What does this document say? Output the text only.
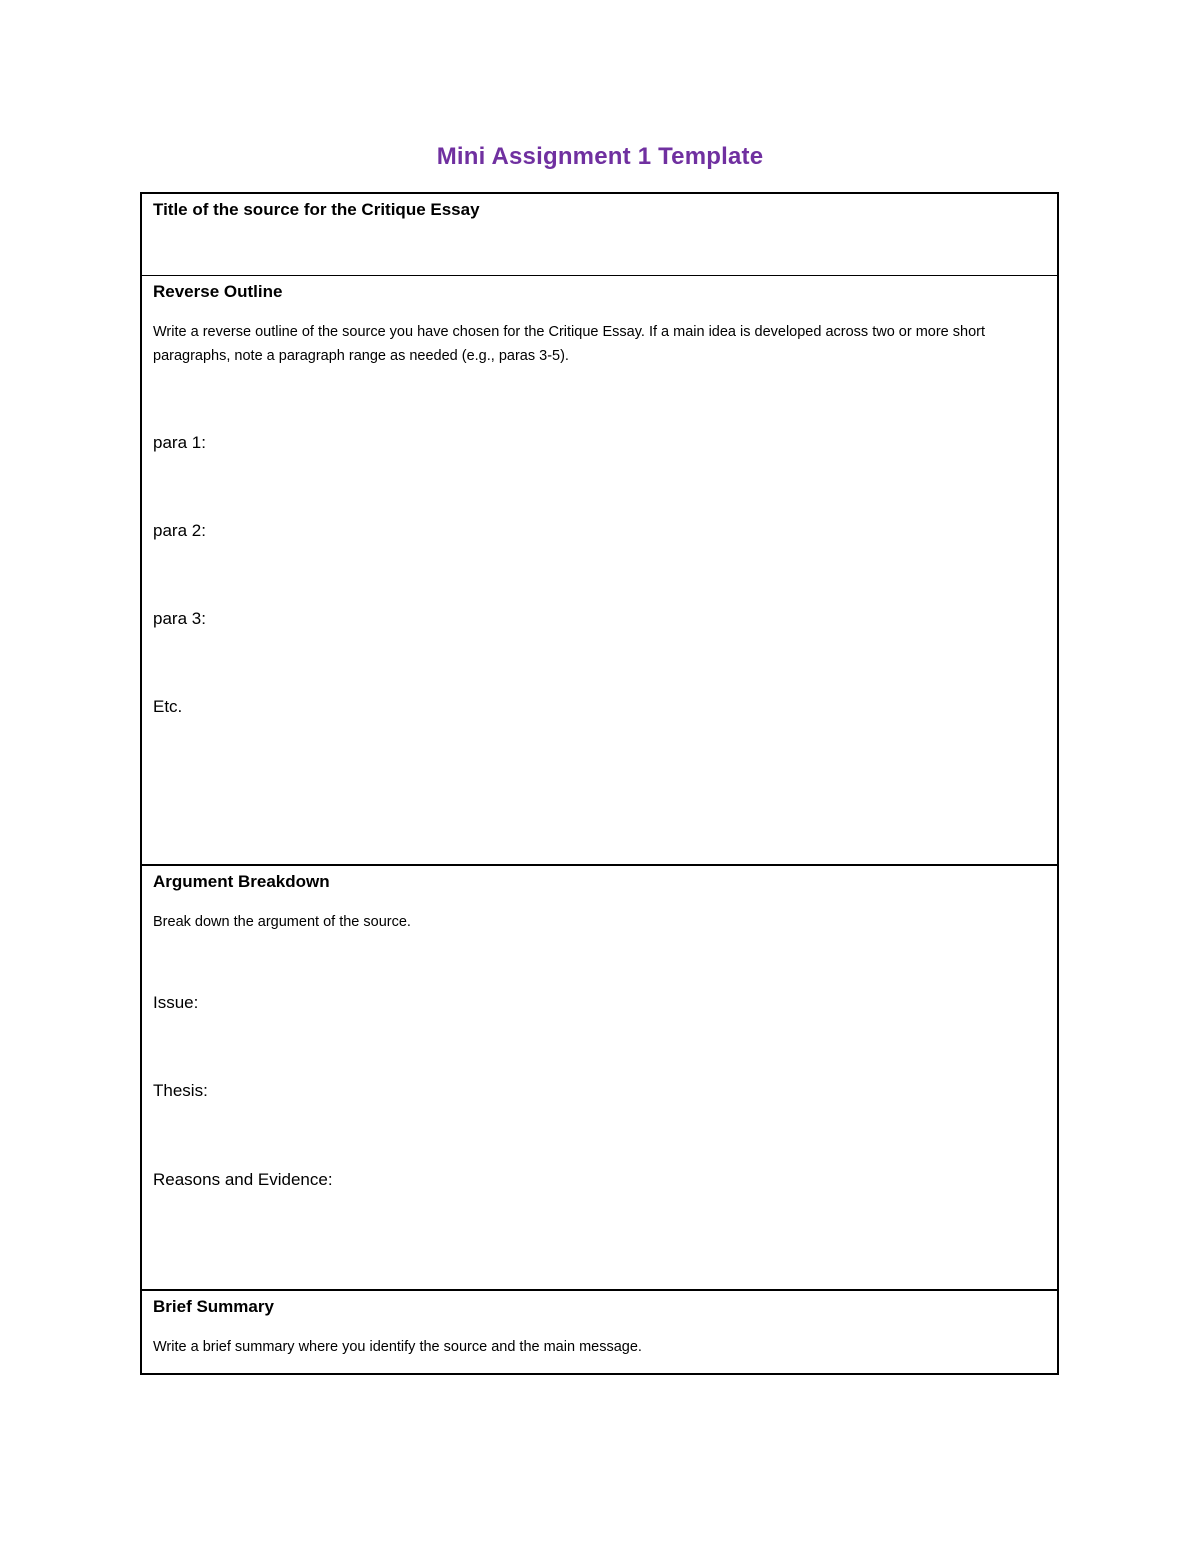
Mini Assignment 1 Template
Title of the source for the Critique Essay
Reverse Outline
Write a reverse outline of the source you have chosen for the Critique Essay. If a main idea is developed across two or more short paragraphs, note a paragraph range as needed (e.g., paras 3-5).
para 1:
para 2:
para 3:
Etc.
Argument Breakdown
Break down the argument of the source.
Issue:
Thesis:
Reasons and Evidence:
Brief Summary
Write a brief summary where you identify the source and the main message.
